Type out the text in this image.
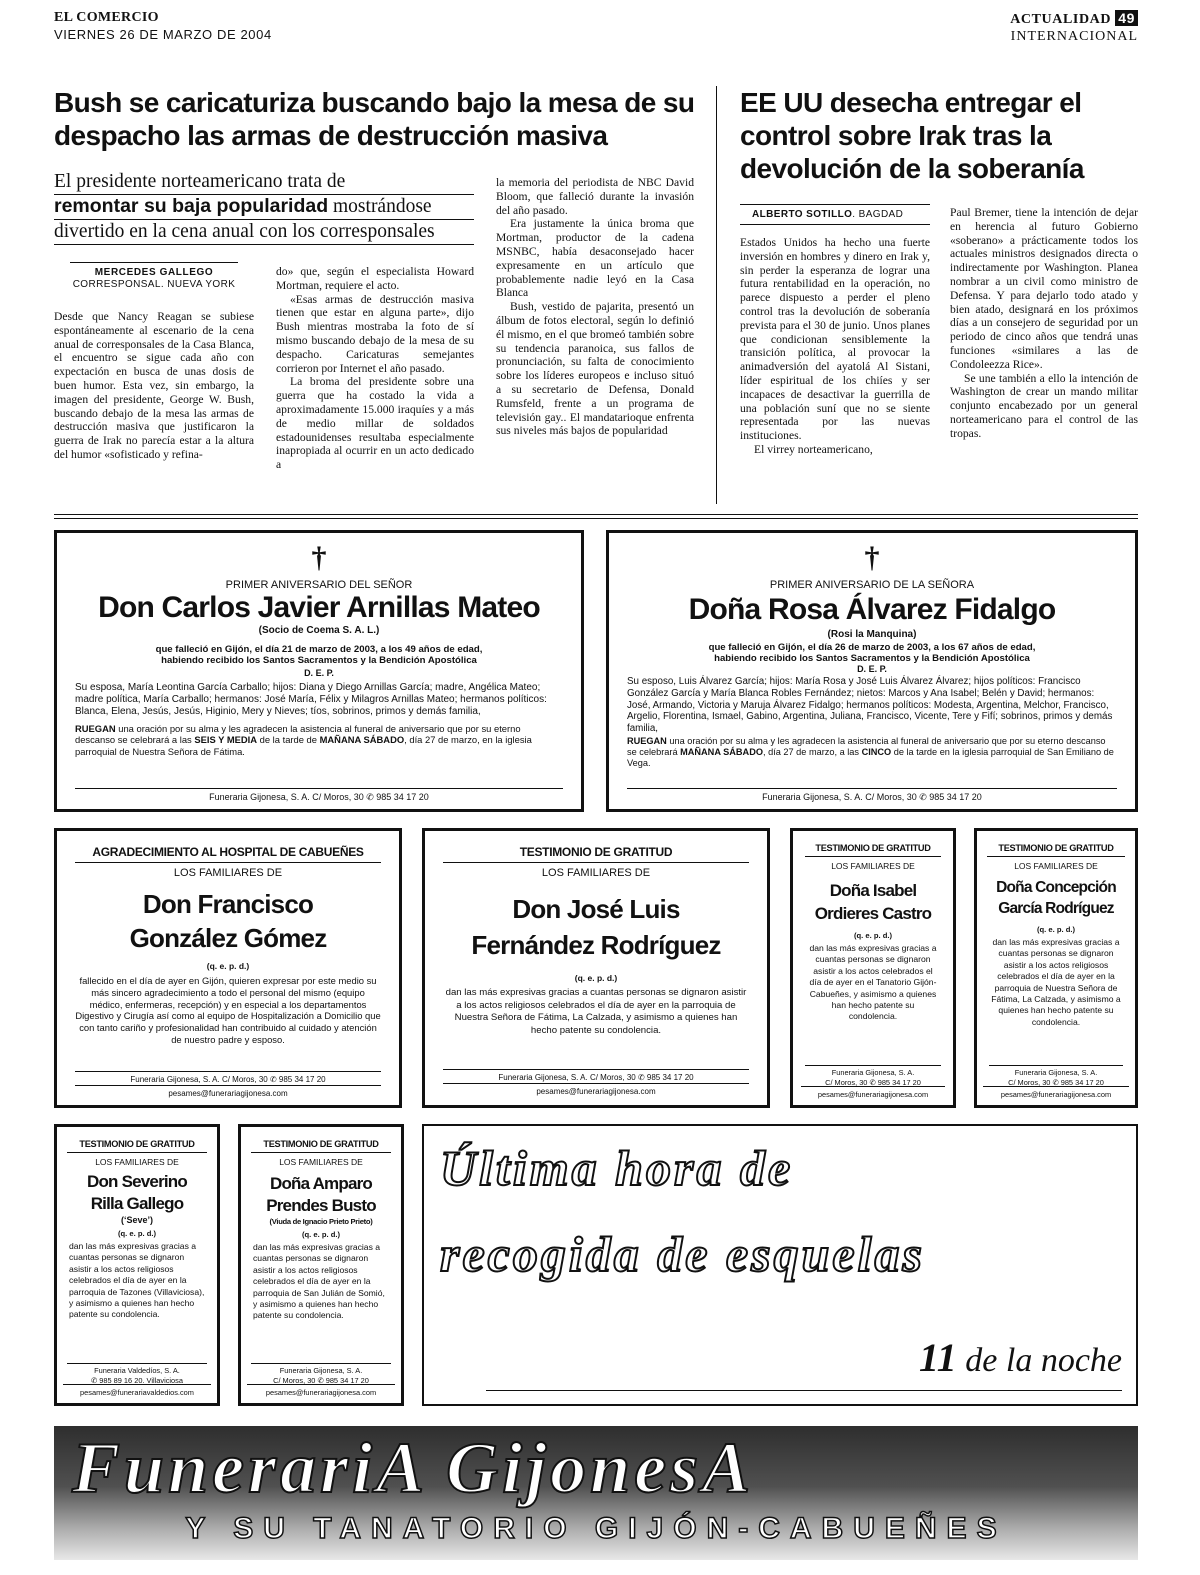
EL COMERCIO
VIERNES 26 DE MARZO DE 2004
ACTUALIDAD 49
INTERNACIONAL
Bush se caricaturiza buscando bajo la mesa de su despacho las armas de destrucción masiva
El presidente norteamericano trata de
remontar su baja popularidad mostrándose
divertido en la cena anual con los corresponsales
MERCEDES GALLEGO
CORRESPONSAL. NUEVA YORK
Desde que Nancy Reagan se subiese espontáneamente al escenario de la cena anual de corresponsales de la Casa Blanca, el encuentro se sigue cada año con expectación en busca de unas dosis de buen humor. Esta vez, sin embargo, la imagen del presidente, George W. Bush, buscando debajo de la mesa las armas de destrucción masiva que justificaron la guerra de Irak no parecía estar a la altura del humor «sofisticado y refina-

do» que, según el especialista Howard Mortman, requiere el acto.

«Esas armas de destrucción masiva tienen que estar en alguna parte», dijo Bush mientras mostraba la foto de sí mismo buscando debajo de la mesa de su despacho. Caricaturas semejantes corrieron por Internet el año pasado.

La broma del presidente sobre una guerra que ha costado la vida a aproximadamente 15.000 iraquíes y a más de medio millar de soldados estadounidenses resultaba especialmente inapropiada al ocurrir en un acto dedicado a

la memoria del periodista de NBC David Bloom, que falleció durante la invasión del año pasado.

Era justamente la única broma que Mortman, productor de la cadena MSNBC, había desaconsejado hacer expresamente en un artículo que probablemente nadie leyó en la Casa Blanca

Bush, vestido de pajarita, presentó un álbum de fotos electoral, según lo definió él mismo, en el que bromeó también sobre su tendencia paranoica, sus fallos de pronunciación, su falta de conocimiento sobre los líderes europeos e incluso situó a su secretario de Defensa, Donald Rumsfeld, frente a un programa de televisión gay.. El mandatarioque enfrenta sus niveles más bajos de popularidad

EE UU desecha entregar el control sobre Irak tras la devolución de la soberanía
ALBERTO SOTILLO. BAGDAD

Estados Unidos ha hecho una fuerte inversión en hombres y dinero en Irak y, sin perder la esperanza de lograr una futura rentabilidad en la operación, no parece dispuesto a perder el pleno control tras la devolución de soberanía prevista para el 30 de junio. Unos planes que condicionan sensiblemente la transición política, al provocar la animadversión del ayatolá Al Sistani, líder espiritual de los chiíes y ser incapaces de desactivar la guerrilla de una población suní que no se siente representada por las nuevas instituciones.

El virrey norteamericano,

Paul Bremer, tiene la intención de dejar en herencia al futuro Gobierno «soberano» a prácticamente todos los actuales ministros designados directa o indirectamente por Washington. Planea nombrar a un civil como ministro de Defensa. Y para dejarlo todo atado y bien atado, designará en los próximos días a un consejero de seguridad por un periodo de cinco años que tendrá unas funciones «similares a las de Condoleezza Rice».

Se une también a ello la intención de Washington de crear un mando militar conjunto encabezado por un general norteamericano para el control de las tropas.

†
PRIMER ANIVERSARIO DEL SEÑOR
Don Carlos Javier Arnillas Mateo
(Socio de Coema S. A. L.)
que falleció en Gijón, el día 21 de marzo de 2003, a los 49 años de edad,
habiendo recibido los Santos Sacramentos y la Bendición Apostólica
D. E. P.
Su esposa, María Leontina García Carballo; hijos: Diana y Diego Arnillas García; madre, Angélica Mateo; madre política, María Carballo; hermanos: José María, Félix y Milagros Arnillas Mateo; hermanos políticos: Blanca, Elena, Jesús, Jesús, Higinio, Mery y Nieves; tíos, sobrinos, primos y demás familia,
RUEGAN una oración por su alma y les agradecen la asistencia al funeral de aniversario que por su eterno descanso se celebrará a las SEIS Y MEDIA de la tarde de MAÑANA SÁBADO, día 27 de marzo, en la iglesia parroquial de Nuestra Señora de Fátima.
Funeraria Gijonesa, S. A. C/ Moros, 30 ✆ 985 34 17 20
†
PRIMER ANIVERSARIO DE LA SEÑORA
Doña Rosa Álvarez Fidalgo
(Rosi la Manquina)
que falleció en Gijón, el día 26 de marzo de 2003, a los 67 años de edad,
habiendo recibido los Santos Sacramentos y la Bendición Apostólica
D. E. P.
Su esposo, Luis Álvarez García; hijos: María Rosa y José Luis Álvarez Álvarez; hijos políticos: Francisco González García y María Blanca Robles Fernández; nietos: Marcos y Ana Isabel; Belén y David; hermanos: José, Armando, Victoria y Maruja Álvarez Fidalgo; hermanos políticos: Modesta, Argentina, Melchor, Francisco, Argelio, Florentina, Ismael, Gabino, Argentina, Juliana, Francisco, Vicente, Tere y Fifí; sobrinos, primos y demás familia,
RUEGAN una oración por su alma y les agradecen la asistencia al funeral de aniversario que por su eterno descanso se celebrará MAÑANA SÁBADO, día 27 de marzo, a las CINCO de la tarde en la iglesia parroquial de San Emiliano de Vega.
Funeraria Gijonesa, S. A. C/ Moros, 30 ✆ 985 34 17 20
AGRADECIMIENTO AL HOSPITAL DE CABUEÑES
LOS FAMILIARES DE
Don Francisco
González Gómez
(q. e. p. d.)
fallecido en el día de ayer en Gijón, quieren expresar por este medio su más sincero agradecimiento a todo el personal del mismo (equipo médico, enfermeras, recepción) y en especial a los departamentos Digestivo y Cirugía así como al equipo de Hospitalización a Domicilio que con tanto cariño y profesionalidad han contribuido al cuidado y atención de nuestro padre y esposo.
Funeraria Gijonesa, S. A. C/ Moros, 30 ✆ 985 34 17 20
pesames@funerariagijonesa.com
TESTIMONIO DE GRATITUD
LOS FAMILIARES DE
Don José Luis
Fernández Rodríguez
(q. e. p. d.)
dan las más expresivas gracias a cuantas personas se dignaron asistir a los actos religiosos celebrados el día de ayer en la parroquia de Nuestra Señora de Fátima, La Calzada, y asimismo a quienes han hecho patente su condolencia.
Funeraria Gijonesa, S. A. C/ Moros, 30 ✆ 985 34 17 20
pesames@funerariagijonesa.com
TESTIMONIO DE GRATITUD
LOS FAMILIARES DE
Doña Isabel
Ordieres Castro
(q. e. p. d.)
dan las más expresivas gracias a cuantas personas se dignaron asistir a los actos celebrados el día de ayer en el Tanatorio Gijón-Cabueñes, y asimismo a quienes han hecho patente su condolencia.
Funeraria Gijonesa, S. A.
C/ Moros, 30 ✆ 985 34 17 20
pesames@funerariagijonesa.com
TESTIMONIO DE GRATITUD
LOS FAMILIARES DE
Doña Concepción
García Rodríguez
(q. e. p. d.)
dan las más expresivas gracias a cuantas personas se dignaron asistir a los actos religiosos celebrados el día de ayer en la parroquia de Nuestra Señora de Fátima, La Calzada, y asimismo a quienes han hecho patente su condolencia.
Funeraria Gijonesa, S. A.
C/ Moros, 30 ✆ 985 34 17 20
pesames@funerariagijonesa.com
TESTIMONIO DE GRATITUD
LOS FAMILIARES DE
Don Severino
Rilla Gallego
(‘Seve’)
(q. e. p. d.)
dan las más expresivas gracias a cuantas personas se dignaron asistir a los actos religiosos celebrados el día de ayer en la parroquia de Tazones (Villaviciosa), y asimismo a quienes han hecho patente su condolencia.
Funeraria Valdedíos, S. A.
✆ 985 89 16 20. Villaviciosa
pesames@funerariavaldedios.com
TESTIMONIO DE GRATITUD
LOS FAMILIARES DE
Doña Amparo
Prendes Busto
(Viuda de Ignacio Prieto Prieto)
(q. e. p. d.)
dan las más expresivas gracias a cuantas personas se dignaron asistir a los actos religiosos celebrados el día de ayer en la parroquia de San Julián de Somió, y asimismo a quienes han hecho patente su condolencia.
Funeraria Gijonesa, S. A.
C/ Moros, 30 ✆ 985 34 17 20
pesames@funerariagijonesa.com
Última hora de
recogida de esquelas
11 de la noche
FunerariA GijonesA
Y SU TANATORIO GIJÓN-CABUEÑES
